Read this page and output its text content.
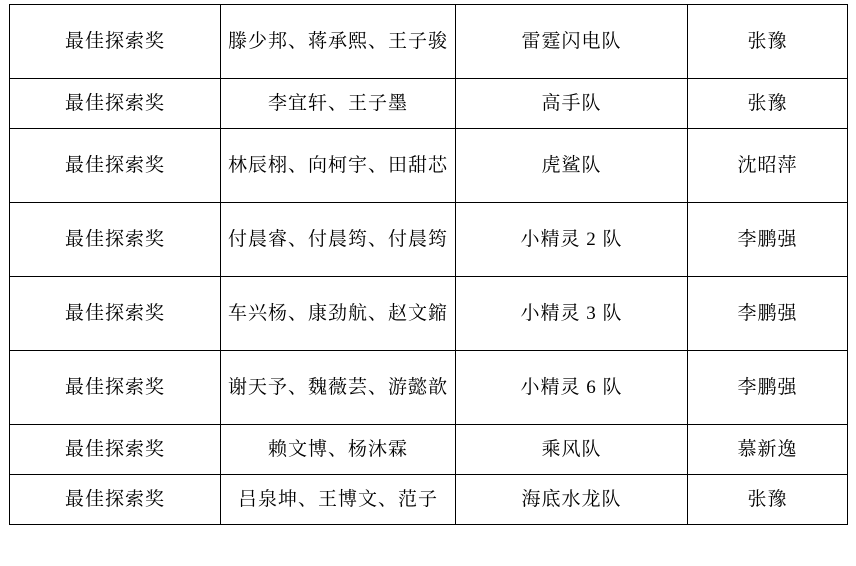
最佳探索奖	滕少邦、蒋承熙、王子骏	雷霆闪电队	张豫
最佳探索奖	李宜轩、王子墨	高手队	张豫
最佳探索奖	林辰栩、向柯宇、田甜芯	虎鲨队	沈昭萍
最佳探索奖	付晨睿、付晨筠、付晨筠	小精灵 2 队	李鹏强
最佳探索奖	车兴杨、康劲航、赵文鏥	小精灵 3 队	李鹏强
最佳探索奖	谢天予、魏薇芸、游懿歆	小精灵 6 队	李鹏强
最佳探索奖	赖文博、杨沐霖	乘风队	慕新逸
最佳探索奖	吕泉坤、王博文、范子	海底水龙队	张豫
